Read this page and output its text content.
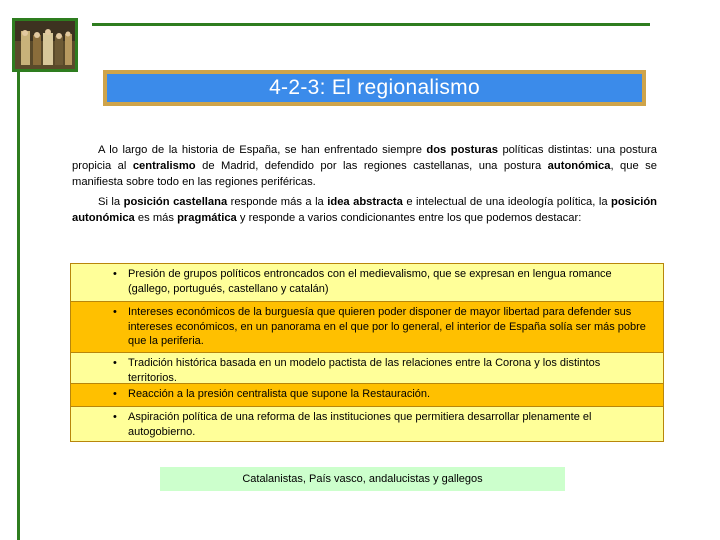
4-2-3: El regionalismo
A lo largo de la historia de España, se han enfrentado siempre dos posturas políticas distintas: una postura propicia al centralismo de Madrid, defendido por las regiones castellanas, una postura autonómica, que se manifiesta sobre todo en las regiones periféricas.
Si la posición castellana responde más a la idea abstracta e intelectual de una ideología política, la posición autonómica es más pragmática y responde a varios condicionantes entre los que podemos destacar:
• Presión de grupos políticos entroncados con el medievalismo, que se expresan en lengua romance (gallego, portugués, castellano y catalán)
• Intereses económicos de la burguesía que quieren poder disponer de mayor libertad para defender sus intereses económicos, en un panorama en el que por lo general, el interior de España solía ser más pobre que la periferia.
• Tradición histórica basada en un modelo pactista de las relaciones entre la Corona y los distintos territorios.
• Reacción a la presión centralista que supone la Restauración.
• Aspiración política de una reforma de las instituciones que permitiera desarrollar plenamente el autogobierno.
Catalanistas, País vasco, andalucistas y gallegos
